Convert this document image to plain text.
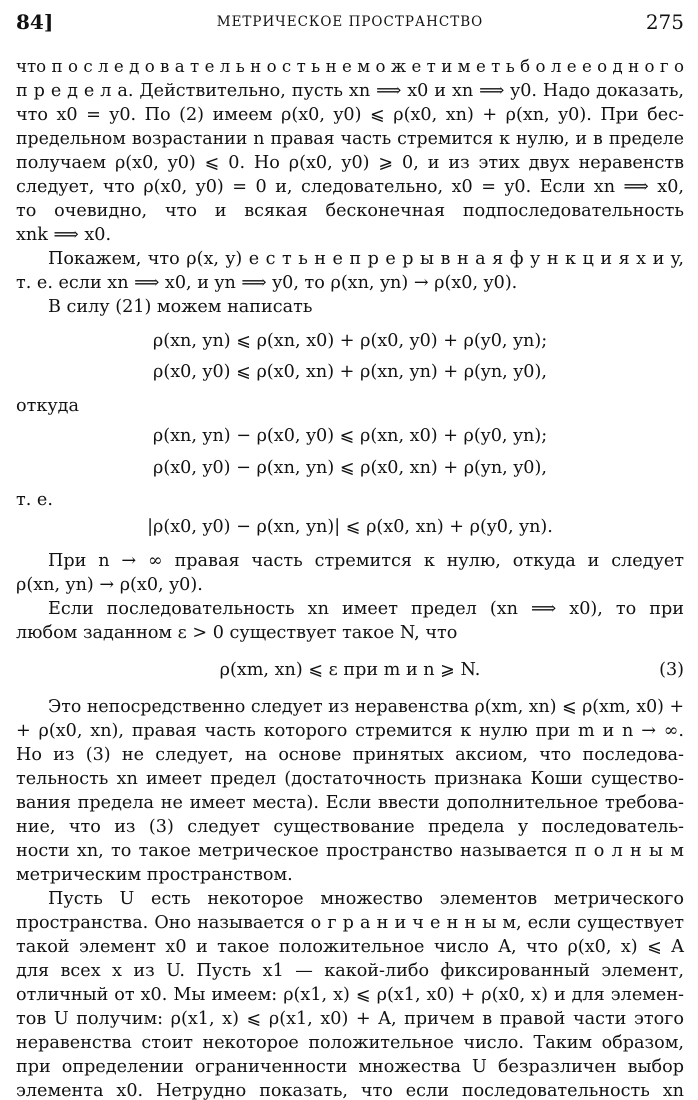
84]	МЕТРИЧЕСКОЕ ПРОСТРАНСТВО	275
что п о с л е д о в а т е л ь н о с т ь н е м о ж е т и м е т ь б о л е е о д н о г о
п р е д е л а. Действительно, пусть xn ⟹ x0 и xn ⟹ y0. Надо доказать,
что x0 = y0. По (2) имеем ρ(x0, y0) ⩽ ρ(x0, xn) + ρ(xn, y0). При бес-
предельном возрастании n правая часть стремится к нулю, и в пределе
получаем ρ(x0, y0) ⩽ 0. Но ρ(x0, y0) ⩾ 0, и из этих двух неравенств
следует, что ρ(x0, y0) = 0 и, следовательно, x0 = y0. Если xn ⟹ x0,
то очевидно, что и всякая бесконечная подпоследовательность
xnk ⟹ x0.
Покажем, что ρ(x, y) е с т ь н е п р е р ы в н а я ф у н к ц и я x и y,
т. е. если xn ⟹ x0, и yn ⟹ y0, то ρ(xn, yn) → ρ(x0, y0).
В силу (21) можем написать
ρ(xn, yn) ⩽ ρ(xn, x0) + ρ(x0, y0) + ρ(y0, yn);
ρ(x0, y0) ⩽ ρ(x0, xn) + ρ(xn, yn) + ρ(yn, y0),
откуда
ρ(xn, yn) − ρ(x0, y0) ⩽ ρ(xn, x0) + ρ(y0, yn);
ρ(x0, y0) − ρ(xn, yn) ⩽ ρ(x0, xn) + ρ(yn, y0),
т. е.
|ρ(x0, y0) − ρ(xn, yn)| ⩽ ρ(x0, xn) + ρ(y0, yn).
При n → ∞ правая часть стремится к нулю, откуда и следует
ρ(xn, yn) → ρ(x0, y0).
Если последовательность xn имеет предел (xn ⟹ x0), то при
любом заданном ε > 0 существует такое N, что
ρ(xm, xn) ⩽ ε при m и n ⩾ N.	(3)
Это непосредственно следует из неравенства ρ(xm, xn) ⩽ ρ(xm, x0) +
+ ρ(x0, xn), правая часть которого стремится к нулю при m и n → ∞.
Но из (3) не следует, на основе принятых аксиом, что последова-
тельность xn имеет предел (достаточность признака Коши существо-
вания предела не имеет места). Если ввести дополнительное требова-
ние, что из (3) следует существование предела у последователь-
ности xn, то такое метрическое пространство называется п о л н ы м
метрическим пространством.
Пусть U есть некоторое множество элементов метрического
пространства. Оно называется о г р а н и ч е н н ы м, если существует
такой элемент x0 и такое положительное число A, что ρ(x0, x) ⩽ A
для всех x из U. Пусть x1 — какой-либо фиксированный элемент,
отличный от x0. Мы имеем: ρ(x1, x) ⩽ ρ(x1, x0) + ρ(x0, x) и для элемен-
тов U получим: ρ(x1, x) ⩽ ρ(x1, x0) + A, причем в правой части этого
неравенства стоит некоторое положительное число. Таким образом,
при определении ограниченности множества U безразличен выбор
элемента x0. Нетрудно показать, что если последовательность xn
